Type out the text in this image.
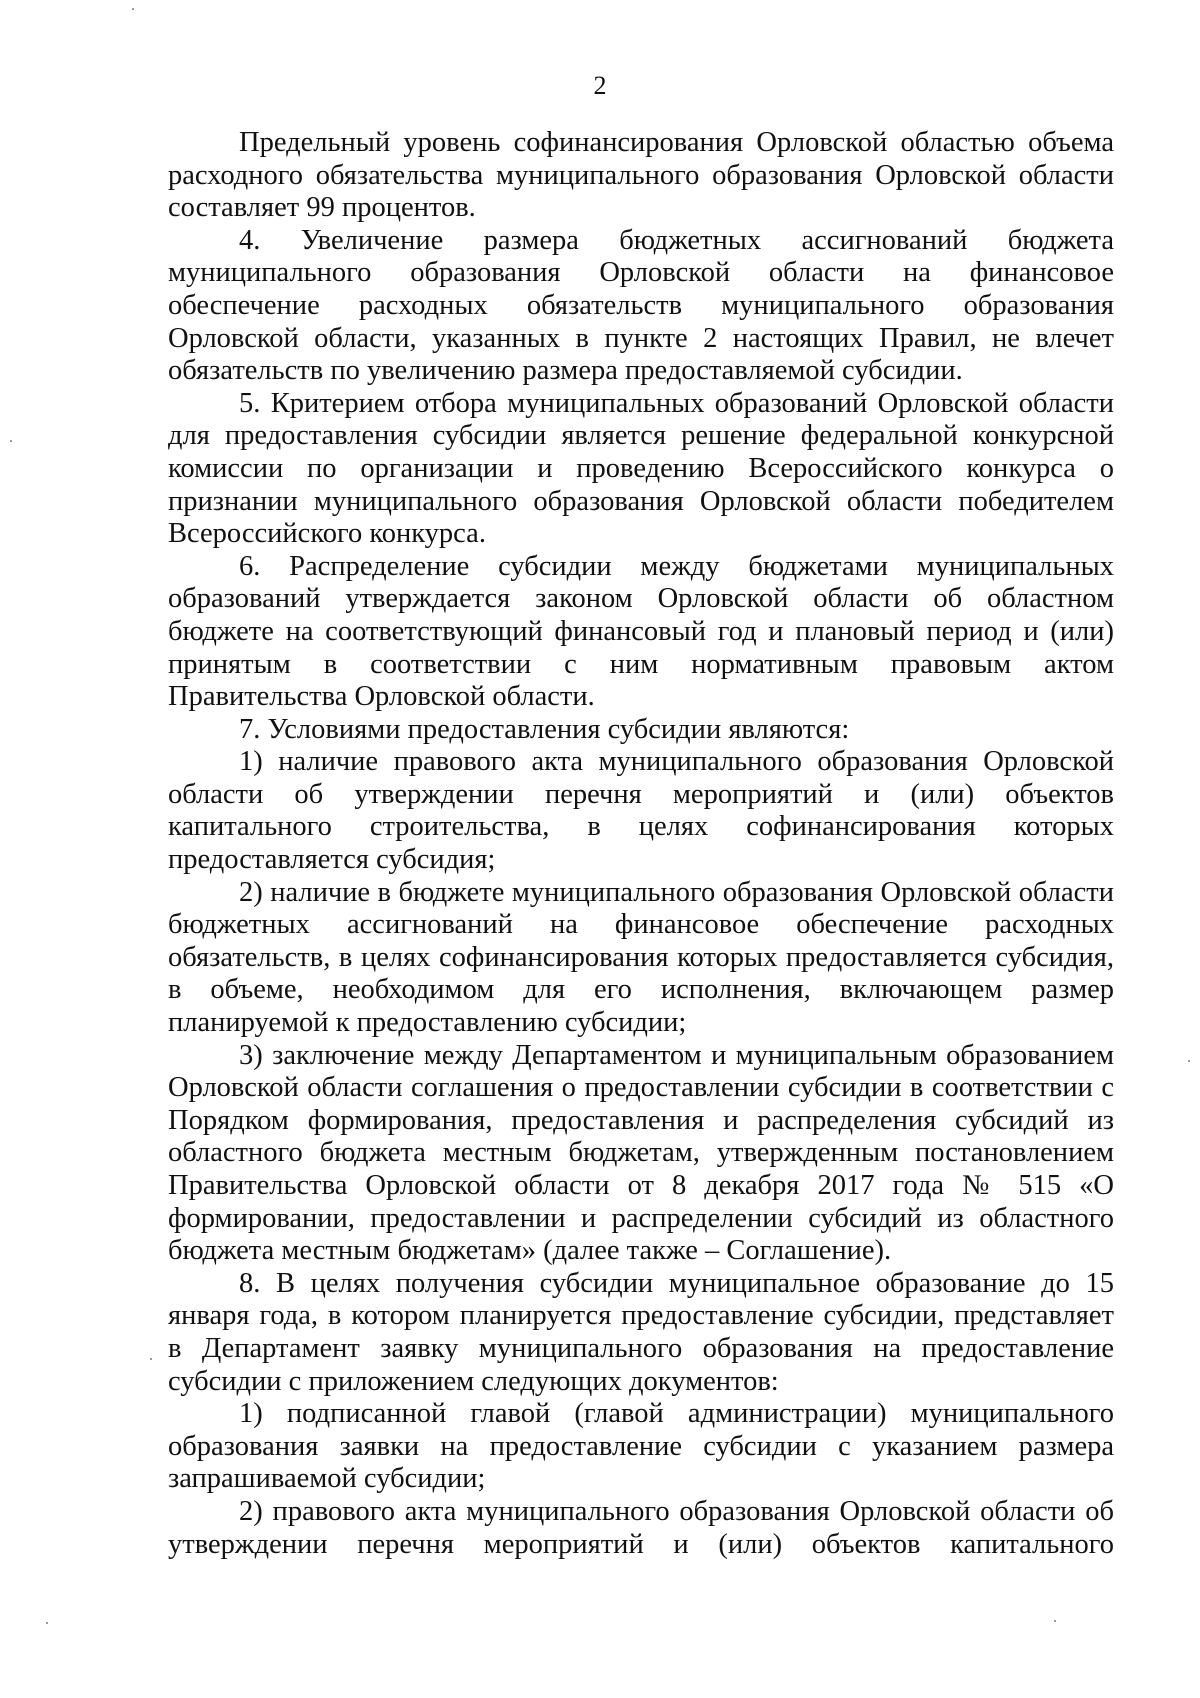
2

Предельный уровень софинансирования Орловской областью объема расходного обязательства муниципального образования Орловской области составляет 99 процентов.

4. Увеличение размера бюджетных ассигнований бюджета муниципального образования Орловской области на финансовое обеспечение расходных обязательств муниципального образования Орловской области, указанных в пункте 2 настоящих Правил, не влечет обязательств по увеличению размера предоставляемой субсидии.

5. Критерием отбора муниципальных образований Орловской области для предоставления субсидии является решение федеральной конкурсной комиссии по организации и проведению Всероссийского конкурса о признании муниципального образования Орловской области победителем Всероссийского конкурса.

6. Распределение субсидии между бюджетами муниципальных образований утверждается законом Орловской области об областном бюджете на соответствующий финансовый год и плановый период и (или) принятым в соответствии с ним нормативным правовым актом Правительства Орловской области.

7. Условиями предоставления субсидии являются:

1) наличие правового акта муниципального образования Орловской области об утверждении перечня мероприятий и (или) объектов капитального строительства, в целях софинансирования которых предоставляется субсидия;

2) наличие в бюджете муниципального образования Орловской области бюджетных ассигнований на финансовое обеспечение расходных обязательств, в целях софинансирования которых предоставляется субсидия, в объеме, необходимом для его исполнения, включающем размер планируемой к предоставлению субсидии;

3) заключение между Департаментом и муниципальным образованием Орловской области соглашения о предоставлении субсидии в соответствии с Порядком формирования, предоставления и распределения субсидий из областного бюджета местным бюджетам, утвержденным постановлением Правительства Орловской области от 8 декабря 2017 года № 515 «О формировании, предоставлении и распределении субсидий из областного бюджета местным бюджетам» (далее также – Соглашение).

8. В целях получения субсидии муниципальное образование до 15 января года, в котором планируется предоставление субсидии, представляет в Департамент заявку муниципального образования на предоставление субсидии с приложением следующих документов:

1) подписанной главой (главой администрации) муниципального образования заявки на предоставление субсидии с указанием размера запрашиваемой субсидии;

2) правового акта муниципального образования Орловской области об утверждении перечня мероприятий и (или) объектов капитального
